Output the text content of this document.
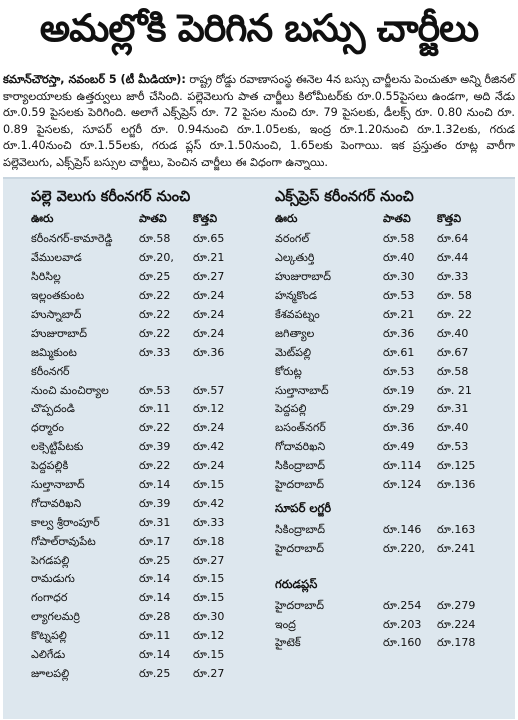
అమల్లోకి పెరిగిన బస్సు చార్జీలు
కమాన్‌చౌరస్తా, నవంబర్ 5 (టీ మీడియా): రాష్ట్ర రోడ్డు రవాణాసంస్థ ఈనెల 4న బస్సు చార్జీలను పెంచుతూ అన్ని రీజినల్ కార్యాలయాలకు ఉత్తర్వులు జారీ చేసింది. పల్లెవెలుగు పాత చార్జీలు కిలోమీటర్‌కు రూ.0.55పైసలు ఉండగా, అది నేడు రూ.0.59 పైసలకు పెరిగింది. అలాగే ఎక్స్‌ప్రెస్ రూ. 72 పైసల నుంచి రూ. 79 పైసలకు, డీలక్స్ రూ. 0.80 నుంచి రూ. 0.89 పైసలకు, సూపర్ లగ్జరీ రూ. 0.94నుంచి రూ.1.05లకు, ఇంద్ర రూ.1.20నుంచి రూ.1.32లకు, గరుడ రూ.1.40నుంచి రూ.1.55లకు, గరుడ ప్లస్ రూ.1.50నుంచి, 1.65లకు పెంగాయి. ఇక ప్రస్తుతం రూట్ల వారీగా పల్లెవెలుగు, ఎక్స్‌ప్రెస్ బస్సుల చార్జీలు, పెంచిన చార్జీలు ఈ విధంగా ఉన్నాయి.
పల్లె వెలుగు కరీంనగర్ నుంచి
ఊరు	పాతవి	కొత్తవి
కరీంనగర్-కామారెడ్డి	రూ.58	రూ.65
వేములవాడ	రూ.20,	రూ.21
సిరిసిల్ల	రూ.25	రూ.27
ఇల్లంతకుంట	రూ.22	రూ.24
హుస్నాబాద్	రూ.22	రూ.24
హుజురాబాద్	రూ.22	రూ.24
జమ్మికుంట	రూ.33	రూ.36
కరీంనగర్
నుంచి మంచిర్యాల	రూ.53	రూ.57
చొప్పదండి	రూ.11	రూ.12
ధర్మారం	రూ.22	రూ.24
లక్సెట్టిపేటకు	రూ.39	రూ.42
పెద్దపల్లికి	రూ.22	రూ.24
సుల్తానాబాద్	రూ.14	రూ.15
గోదావరిఖని	రూ.39	రూ.42
కాల్వ శ్రీరాంపూర్	రూ.31	రూ.33
గోపాల్‌రావుపేట	రూ.17	రూ.18
పెగడపల్లి	రూ.25	రూ.27
రామడుగు	రూ.14	రూ.15
గంగాధర	రూ.14	రూ.15
ల్యాగలమర్రి	రూ.28	రూ.30
కొట్నపల్లి	రూ.11	రూ.12
ఎలిగేడు	రూ.14	రూ.15
జూలపల్లి	రూ.25	రూ.27
ఎక్స్‌ప్రెస్ కరీంనగర్ నుంచి
ఊరు	పాతవి	కొత్తవి
వరంగల్	రూ.58	రూ.64
ఎల్కతుర్తి	రూ.40	రూ.44
హుజురాబాద్	రూ.30	రూ.33
హన్మకొండ	రూ.53	రూ. 58
కేశవపట్నం	రూ.21	రూ. 22
జగిత్యాల	రూ.36	రూ.40
మెట్‌పల్లి	రూ.61	రూ.67
కోరుట్ల	రూ.53	రూ.58
సుల్తానాబాద్	రూ.19	రూ. 21
పెద్దపల్లి	రూ.29	రూ.31
బసంత్‌నగర్	రూ.36	రూ.40
గోదావరిఖని	రూ.49	రూ.53
సికింద్రాబాద్	రూ.114	రూ.125
హైదరాబాద్	రూ.124	రూ.136
సూపర్ లగ్జరీ
సికింద్రాబాద్	రూ.146	రూ.163
హైదరాబాద్	రూ.220,	రూ.241
గరుడప్లస్
హైదరాబాద్	రూ.254	రూ.279
ఇంద్ర	రూ.203	రూ.224
హైటెక్	రూ.160	రూ.178
